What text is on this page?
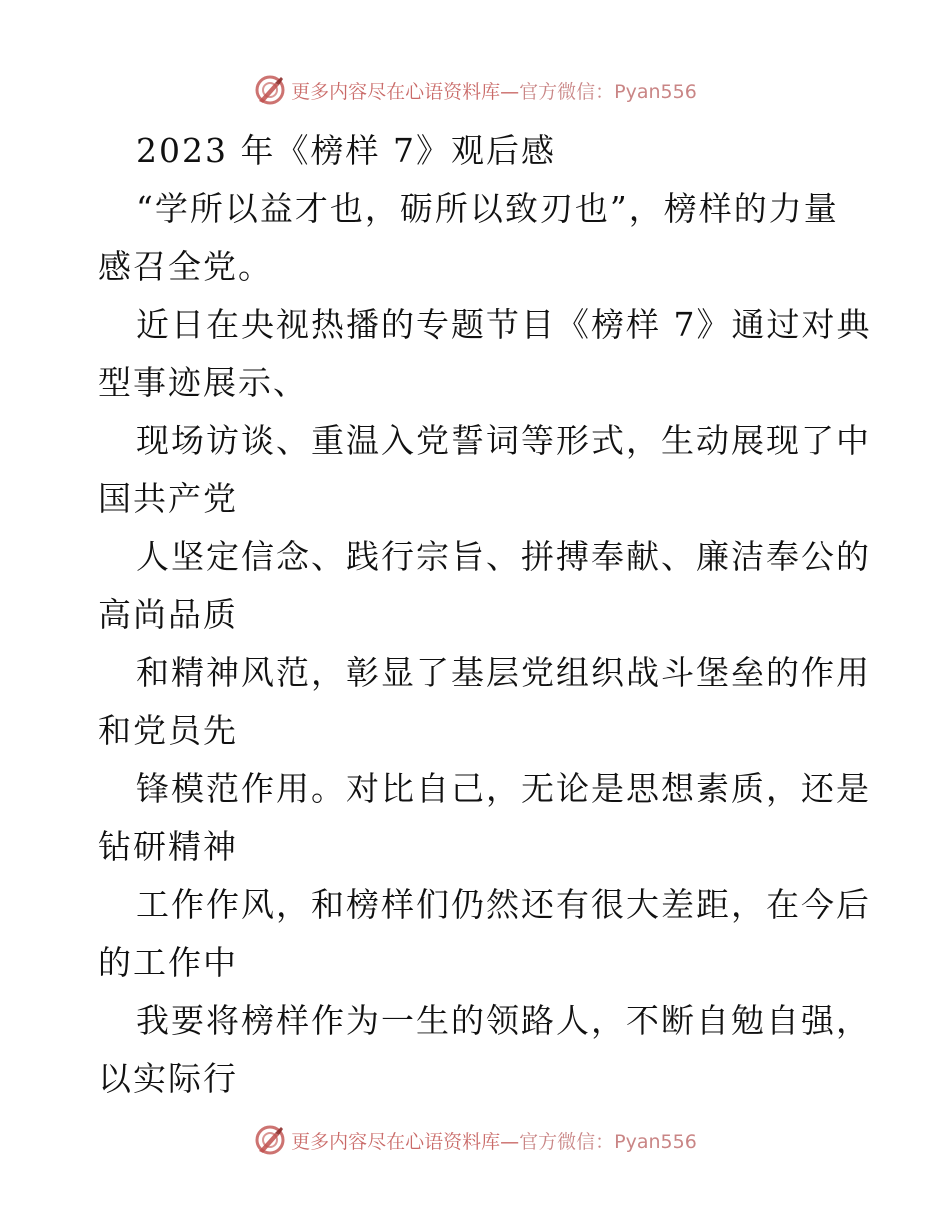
更多内容尽在心语资料库—官方微信：Pyan556
2023 年《榜样 7》观后感
“学所以益才也，砺所以致刃也”，榜样的力量
感召全党。
近日在央视热播的专题节目《榜样 7》通过对典
型事迹展示、
现场访谈、重温入党誓词等形式，生动展现了中
国共产党
人坚定信念、践行宗旨、拼搏奉献、廉洁奉公的
高尚品质
和精神风范，彰显了基层党组织战斗堡垒的作用
和党员先
锋模范作用。对比自己，无论是思想素质，还是
钻研精神
工作作风，和榜样们仍然还有很大差距，在今后
的工作中
我要将榜样作为一生的领路人，不断自勉自强，
以实际行
更多内容尽在心语资料库—官方微信：Pyan556
